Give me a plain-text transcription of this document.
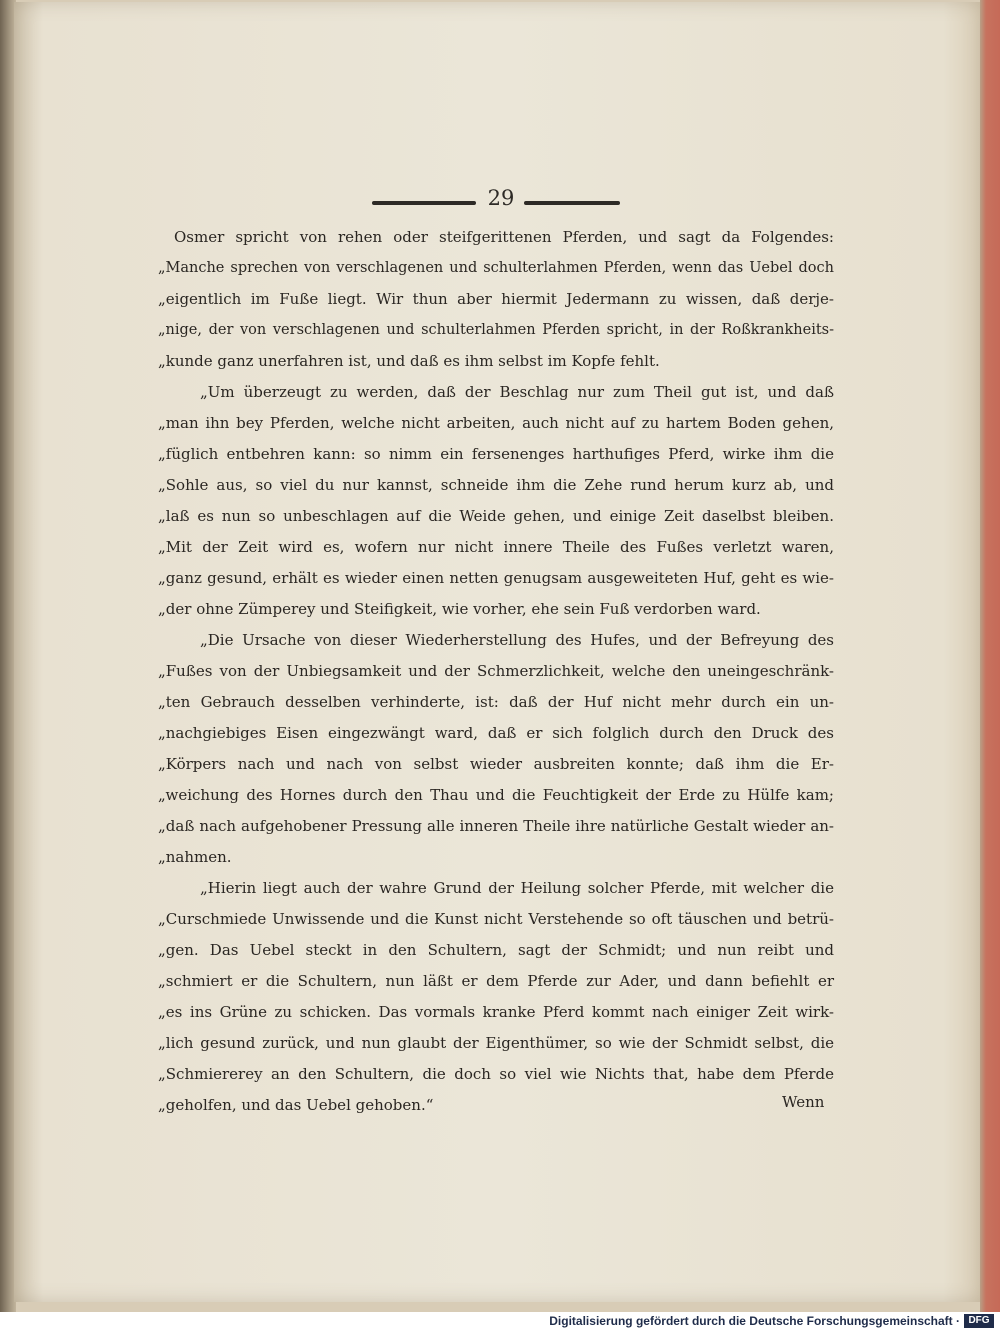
29
Osmer spricht von rehen oder steifgerittenen Pferden, und sagt da Folgendes:
„Manche sprechen von verschlagenen und schulterlahmen Pferden, wenn das Uebel doch
„eigentlich im Fuße liegt. Wir thun aber hiermit Jedermann zu wissen, daß derje-
„nige, der von verschlagenen und schulterlahmen Pferden spricht, in der Roßkrankheits-
„kunde ganz unerfahren ist, und daß es ihm selbst im Kopfe fehlt.
„Um überzeugt zu werden, daß der Beschlag nur zum Theil gut ist, und daß
„man ihn bey Pferden, welche nicht arbeiten, auch nicht auf zu hartem Boden gehen,
„füglich entbehren kann: so nimm ein fersenenges harthufiges Pferd, wirke ihm die
„Sohle aus, so viel du nur kannst, schneide ihm die Zehe rund herum kurz ab, und
„laß es nun so unbeschlagen auf die Weide gehen, und einige Zeit daselbst bleiben.
„Mit der Zeit wird es, wofern nur nicht innere Theile des Fußes verletzt waren,
„ganz gesund, erhält es wieder einen netten genugsam ausgeweiteten Huf, geht es wie-
„der ohne Zümperey und Steifigkeit, wie vorher, ehe sein Fuß verdorben ward.
„Die Ursache von dieser Wiederherstellung des Hufes, und der Befreyung des
„Fußes von der Unbiegsamkeit und der Schmerzlichkeit, welche den uneingeschränk-
„ten Gebrauch desselben verhinderte, ist: daß der Huf nicht mehr durch ein un-
„nachgiebiges Eisen eingezwängt ward, daß er sich folglich durch den Druck des
„Körpers nach und nach von selbst wieder ausbreiten konnte; daß ihm die Er-
„weichung des Hornes durch den Thau und die Feuchtigkeit der Erde zu Hülfe kam;
„daß nach aufgehobener Pressung alle inneren Theile ihre natürliche Gestalt wieder an-
„nahmen.
„Hierin liegt auch der wahre Grund der Heilung solcher Pferde, mit welcher die
„Curschmiede Unwissende und die Kunst nicht Verstehende so oft täuschen und betrü-
„gen. Das Uebel steckt in den Schultern, sagt der Schmidt; und nun reibt und
„schmiert er die Schultern, nun läßt er dem Pferde zur Ader, und dann befiehlt er
„es ins Grüne zu schicken. Das vormals kranke Pferd kommt nach einiger Zeit wirk-
„lich gesund zurück, und nun glaubt der Eigenthümer, so wie der Schmidt selbst, die
„Schmiererey an den Schultern, die doch so viel wie Nichts that, habe dem Pferde
„geholfen, und das Uebel gehoben.“	Wenn
Digitalisierung gefördert durch die Deutsche Forschungsgemeinschaft · DFG
